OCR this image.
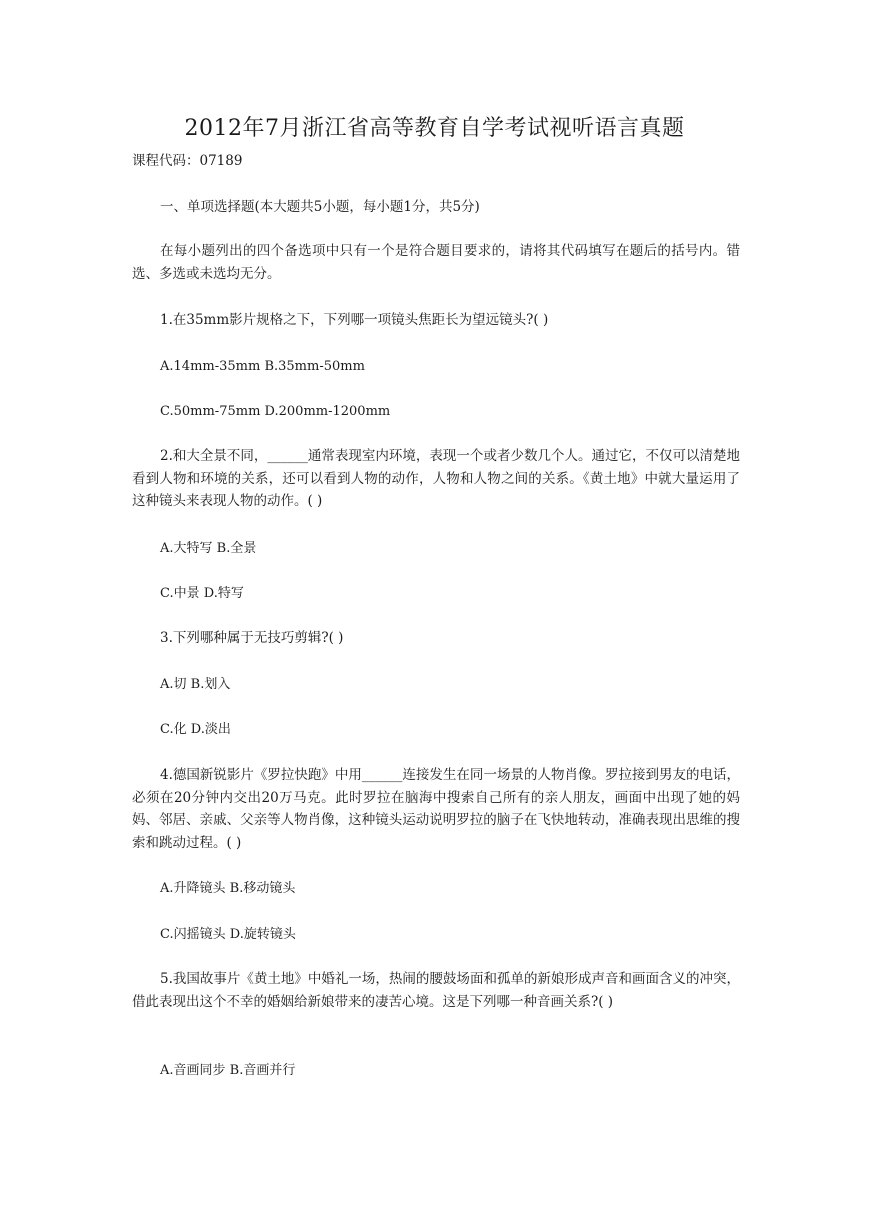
2012年7月浙江省高等教育自学考试视听语言真题
课程代码：07189

一、单项选择题(本大题共5小题，每小题1分，共5分)

在每小题列出的四个备选项中只有一个是符合题目要求的，请将其代码填写在题后的括号内。错选、多选或未选均无分。

1.在35mm影片规格之下，下列哪一项镜头焦距长为望远镜头?( )

A.14mm-35mm B.35mm-50mm
C.50mm-75mm D.200mm-1200mm

2.和大全景不同，______通常表现室内环境，表现一个或者少数几个人。通过它，不仅可以清楚地看到人物和环境的关系，还可以看到人物的动作，人物和人物之间的关系。《黄土地》中就大量运用了这种镜头来表现人物的动作。( )

A.大特写 B.全景
C.中景 D.特写

3.下列哪种属于无技巧剪辑?( )

A.切 B.划入
C.化 D.淡出

4.德国新锐影片《罗拉快跑》中用______连接发生在同一场景的人物肖像。罗拉接到男友的电话，必须在20分钟内交出20万马克。此时罗拉在脑海中搜索自己所有的亲人朋友，画面中出现了她的妈妈、邻居、亲戚、父亲等人物肖像，这种镜头运动说明罗拉的脑子在飞快地转动，准确表现出思维的搜索和跳动过程。( )

A.升降镜头 B.移动镜头
C.闪摇镜头 D.旋转镜头

5.我国故事片《黄土地》中婚礼一场，热闹的腰鼓场面和孤单的新娘形成声音和画面含义的冲突，借此表现出这个不幸的婚姻给新娘带来的凄苦心境。这是下列哪一种音画关系?( )

A.音画同步 B.音画并行
